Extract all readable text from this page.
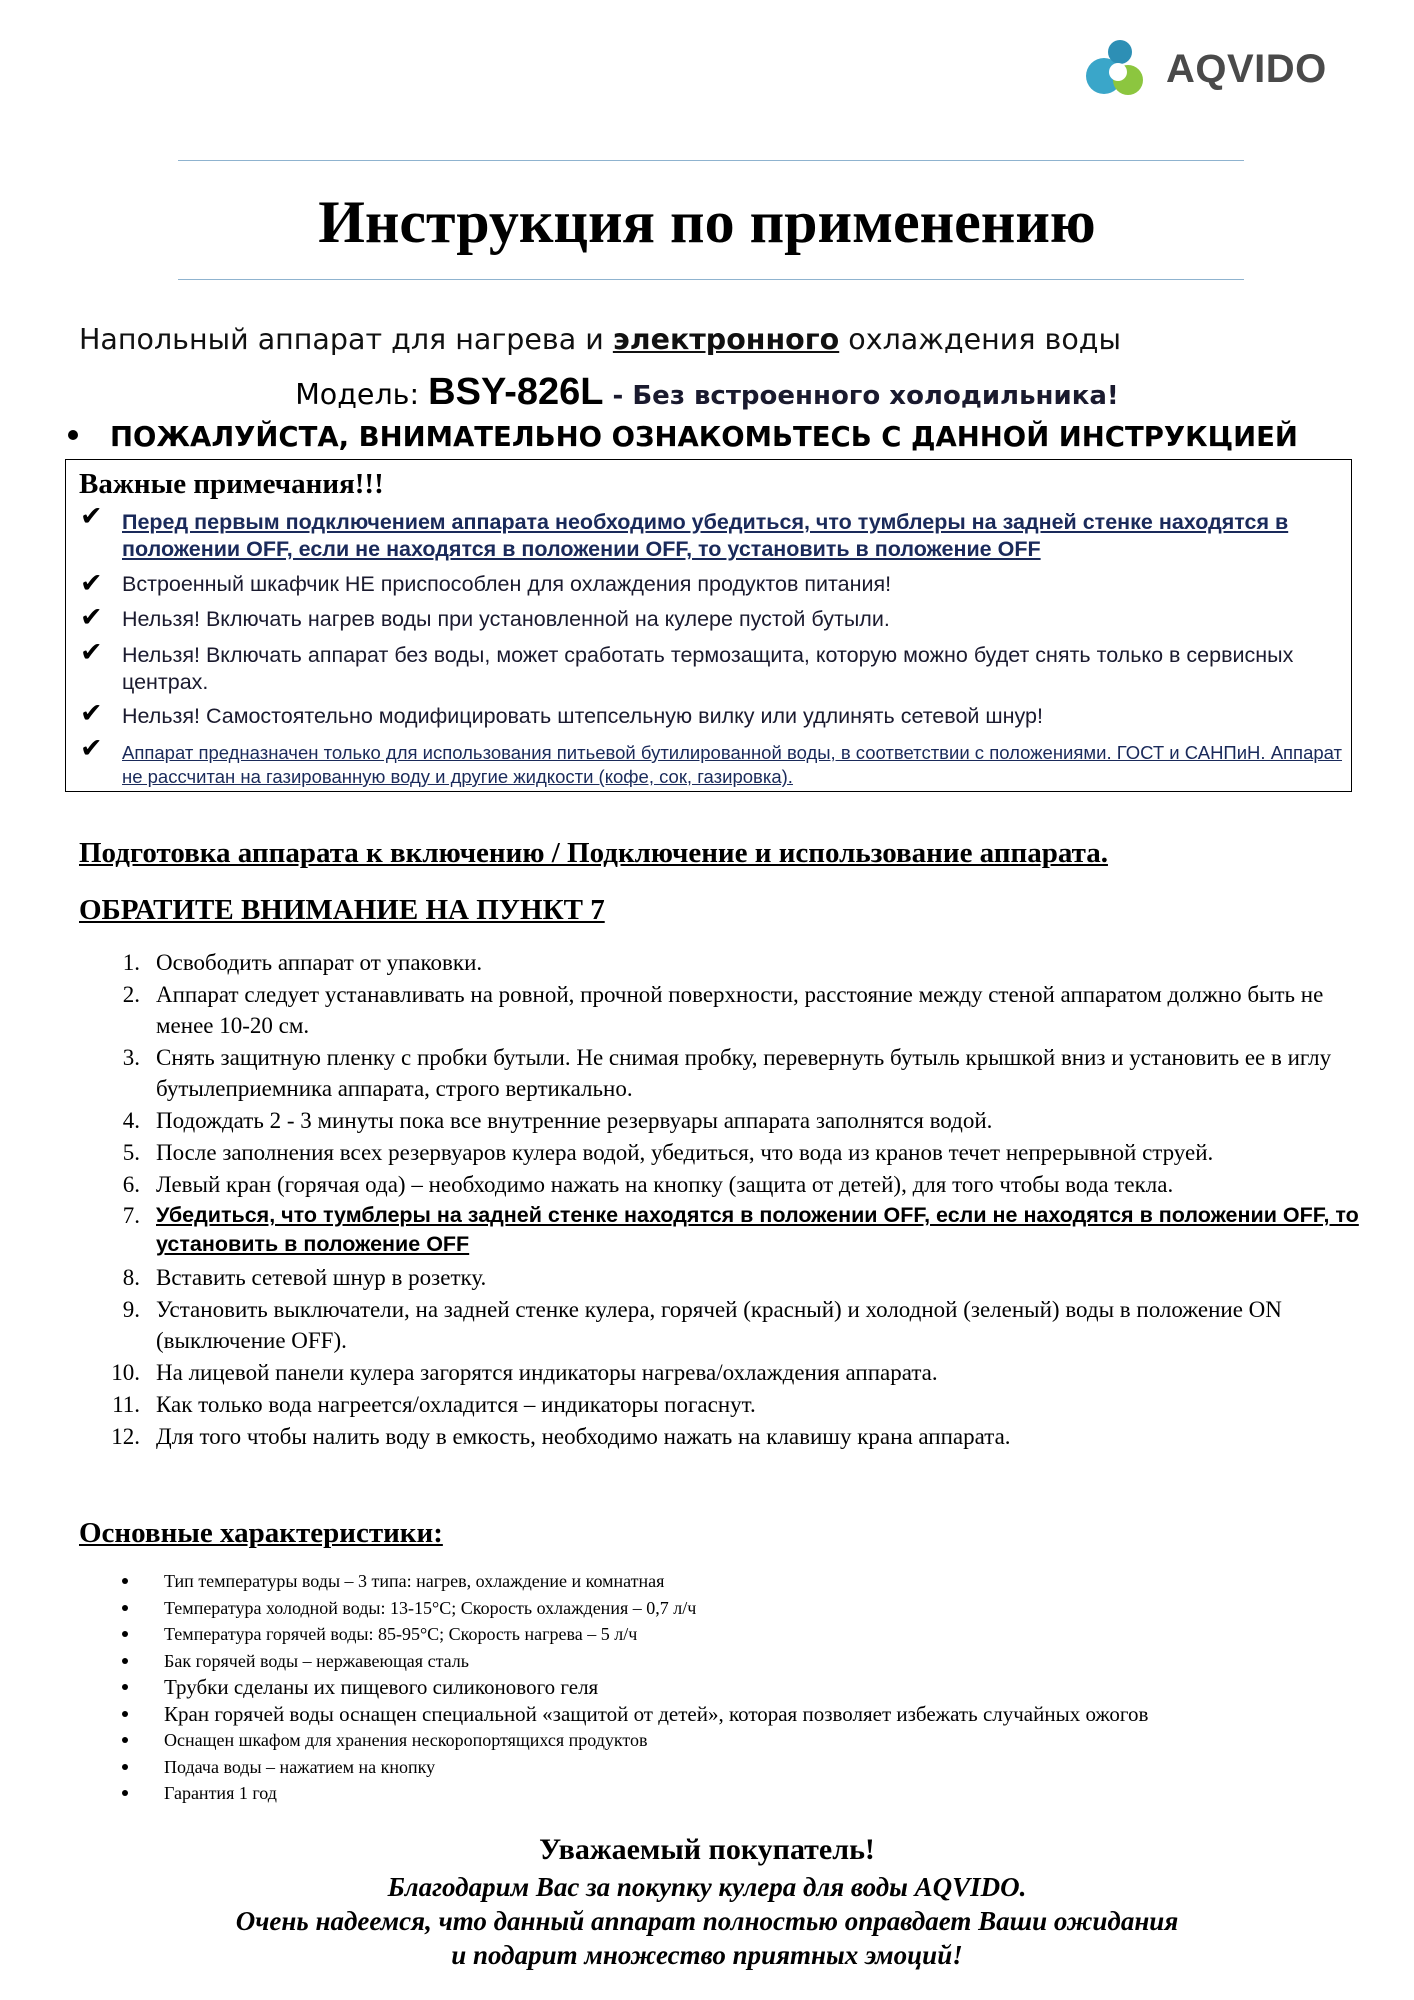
AQVIDO
Инструкция по применению
Напольный аппарат для нагрева и электронного охлаждения воды
Модель: BSY-826L - Без встроенного холодильника!
ПОЖАЛУЙСТА, ВНИМАТЕЛЬНО ОЗНАКОМЬТЕСЬ С ДАННОЙ ИНСТРУКЦИЕЙ
Важные примечания!!!
✔ Перед первым подключением аппарата необходимо убедиться, что тумблеры на задней стенке находятся в положении OFF, если не находятся в положении OFF, то установить в положение OFF
✔ Встроенный шкафчик НЕ приспособлен для охлаждения продуктов питания!
✔ Нельзя! Включать нагрев воды при установленной на кулере пустой бутыли.
✔ Нельзя! Включать аппарат без воды, может сработать термозащита, которую можно будет снять только в сервисных центрах.
✔ Нельзя! Самостоятельно модифицировать штепсельную вилку или удлинять сетевой шнур!
✔ Аппарат предназначен только для использования питьевой бутилированной воды, в соответствии с положениями. ГОСТ и САНПиН. Аппарат не рассчитан на газированную воду и другие жидкости (кофе, сок, газировка).
Подготовка аппарата к включению / Подключение и использование аппарата.
ОБРАТИТЕ ВНИМАНИЕ НА ПУНКТ 7
1. Освободить аппарат от упаковки.
2. Аппарат следует устанавливать на ровной, прочной поверхности, расстояние между стеной аппаратом должно быть не менее 10-20 см.
3. Снять защитную пленку с пробки бутыли. Не снимая пробку, перевернуть бутыль крышкой вниз и установить ее в иглу бутылеприемника аппарата, строго вертикально.
4. Подождать 2 - 3 минуты пока все внутренние резервуары аппарата заполнятся водой.
5. После заполнения всех резервуаров кулера водой, убедиться, что вода из кранов течет непрерывной струей.
6. Левый кран (горячая ода) – необходимо нажать на кнопку (защита от детей), для того чтобы вода текла.
7. Убедиться, что тумблеры на задней стенке находятся в положении OFF, если не находятся в положении OFF, то установить в положение OFF
8. Вставить сетевой шнур в розетку.
9. Установить выключатели, на задней стенке кулера, горячей (красный) и холодной (зеленый) воды в положение ON (выключение OFF).
10. На лицевой панели кулера загорятся индикаторы нагрева/охлаждения аппарата.
11. Как только вода нагреется/охладится – индикаторы погаснут.
12. Для того чтобы налить воду в емкость, необходимо нажать на клавишу крана аппарата.
Основные характеристики:
Тип температуры воды – 3 типа: нагрев, охлаждение и комнатная
Температура холодной воды: 13-15°С; Скорость охлаждения – 0,7 л/ч
Температура горячей воды: 85-95°С; Скорость нагрева – 5 л/ч
Бак горячей воды – нержавеющая сталь
Трубки сделаны их пищевого силиконового геля
Кран горячей воды оснащен специальной «защитой от детей», которая позволяет избежать случайных ожогов
Оснащен шкафом для хранения нескоропортящихся продуктов
Подача воды – нажатием на кнопку
Гарантия 1 год
Уважаемый покупатель!
Благодарим Вас за покупку кулера для воды AQVIDO.
Очень надеемся, что данный аппарат полностью оправдает Ваши ожидания
и подарит множество приятных эмоций!
